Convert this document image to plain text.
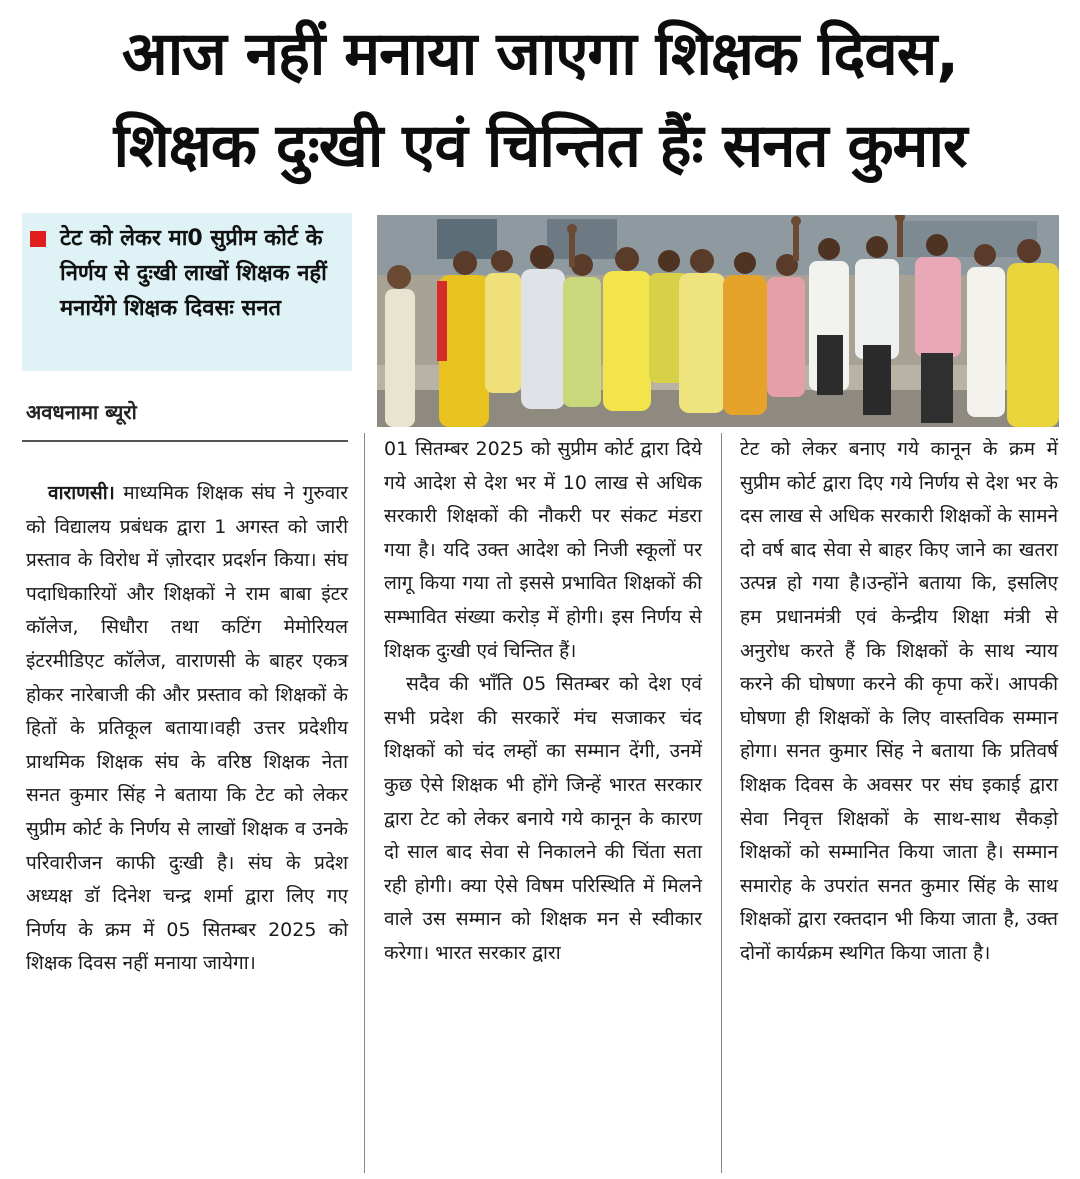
आज नहीं मनाया जाएगा शिक्षक दिवस,
शिक्षक दुःखी एवं चिन्तित हैंः सनत कुमार
टेट को लेकर मा0 सुप्रीम कोर्ट के निर्णय से दुःखी लाखों शिक्षक नहीं मनायेंगे शिक्षक दिवसः सनत
अवधनामा ब्यूरो

वाराणसी। माध्यमिक शिक्षक संघ ने गुरुवार को विद्यालय प्रबंधक द्वारा 1 अगस्त को जारी प्रस्ताव के विरोध में ज़ोरदार प्रदर्शन किया। संघ पदाधिकारियों और शिक्षकों ने राम बाबा इंटर कॉलेज, सिधौरा तथा कटिंग मेमोरियल इंटरमीडिएट कॉलेज, वाराणसी के बाहर एकत्र होकर नारेबाजी की और प्रस्ताव को शिक्षकों के हितों के प्रतिकूल बताया।वही उत्तर प्रदेशीय प्राथमिक शिक्षक संघ के वरिष्ठ शिक्षक नेता सनत कुमार सिंह ने बताया कि टेट को लेकर सुप्रीम कोर्ट के निर्णय से लाखों शिक्षक व उनके परिवारीजन काफी दुःखी है। संघ के प्रदेश अध्यक्ष डॉ दिनेश चन्द्र शर्मा द्वारा लिए गए निर्णय के क्रम में 05 सितम्बर 2025 को शिक्षक दिवस नहीं मनाया जायेगा।

01 सितम्बर 2025 को सुप्रीम कोर्ट द्वारा दिये गये आदेश से देश भर में 10 लाख से अधिक सरकारी शिक्षकों की नौकरी पर संकट मंडरा गया है। यदि उक्त आदेश को निजी स्कूलों पर लागू किया गया तो इससे प्रभावित शिक्षकों की सम्भावित संख्या करोड़ में होगी। इस निर्णय से शिक्षक दुःखी एवं चिन्तित हैं।

सदैव की भाँति 05 सितम्बर को देश एवं सभी प्रदेश की सरकारें मंच सजाकर चंद शिक्षकों को चंद लम्हों का सम्मान देंगी, उनमें कुछ ऐसे शिक्षक भी होंगे जिन्हें भारत सरकार द्वारा टेट को लेकर बनाये गये कानून के कारण दो साल बाद सेवा से निकालने की चिंता सता रही होगी। क्या ऐसे विषम परिस्थिति में मिलने वाले उस सम्मान को शिक्षक मन से स्वीकार करेगा। भारत सरकार द्वारा

टेट को लेकर बनाए गये कानून के क्रम में सुप्रीम कोर्ट द्वारा दिए गये निर्णय से देश भर के दस लाख से अधिक सरकारी शिक्षकों के सामने दो वर्ष बाद सेवा से बाहर किए जाने का खतरा उत्पन्न हो गया है।उन्होंने बताया कि, इसलिए हम प्रधानमंत्री एवं केन्द्रीय शिक्षा मंत्री से अनुरोध करते हैं कि शिक्षकों के साथ न्याय करने की घोषणा करने की कृपा करें। आपकी घोषणा ही शिक्षकों के लिए वास्तविक सम्मान होगा। सनत कुमार सिंह ने बताया कि प्रतिवर्ष शिक्षक दिवस के अवसर पर संघ इकाई द्वारा सेवा निवृत्त शिक्षकों के साथ-साथ सैकड़ो शिक्षकों को सम्मानित किया जाता है। सम्मान समारोह के उपरांत सनत कुमार सिंह के साथ शिक्षकों द्वारा रक्तदान भी किया जाता है, उक्त दोनों कार्यक्रम स्थगित किया जाता है।
